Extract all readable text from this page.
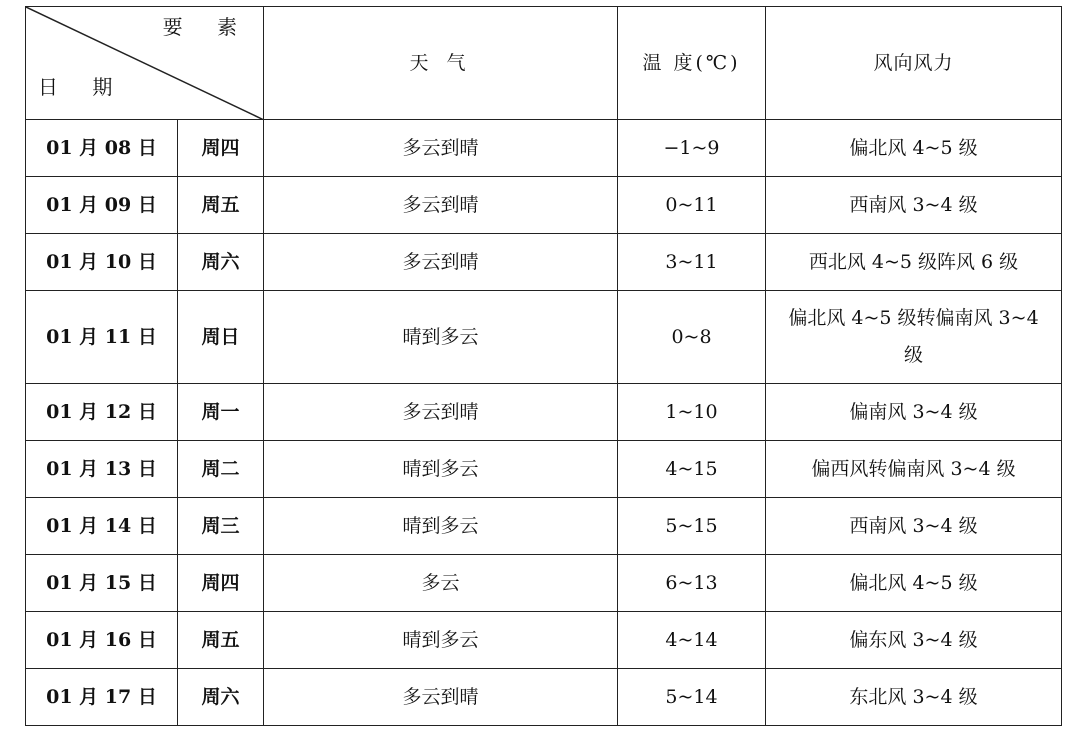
要 素
日 期		天 气	温 度(℃)	风向风力
01 月 08 日	周四	多云到晴	−1~9	偏北风 4~5 级
01 月 09 日	周五	多云到晴	0~11	西南风 3~4 级
01 月 10 日	周六	多云到晴	3~11	西北风 4~5 级阵风 6 级
01 月 11 日	周日	晴到多云	0~8	偏北风 4~5 级转偏南风 3~4 级
01 月 12 日	周一	多云到晴	1~10	偏南风 3~4 级
01 月 13 日	周二	晴到多云	4~15	偏西风转偏南风 3~4 级
01 月 14 日	周三	晴到多云	5~15	西南风 3~4 级
01 月 15 日	周四	多云	6~13	偏北风 4~5 级
01 月 16 日	周五	晴到多云	4~14	偏东风 3~4 级
01 月 17 日	周六	多云到晴	5~14	东北风 3~4 级
